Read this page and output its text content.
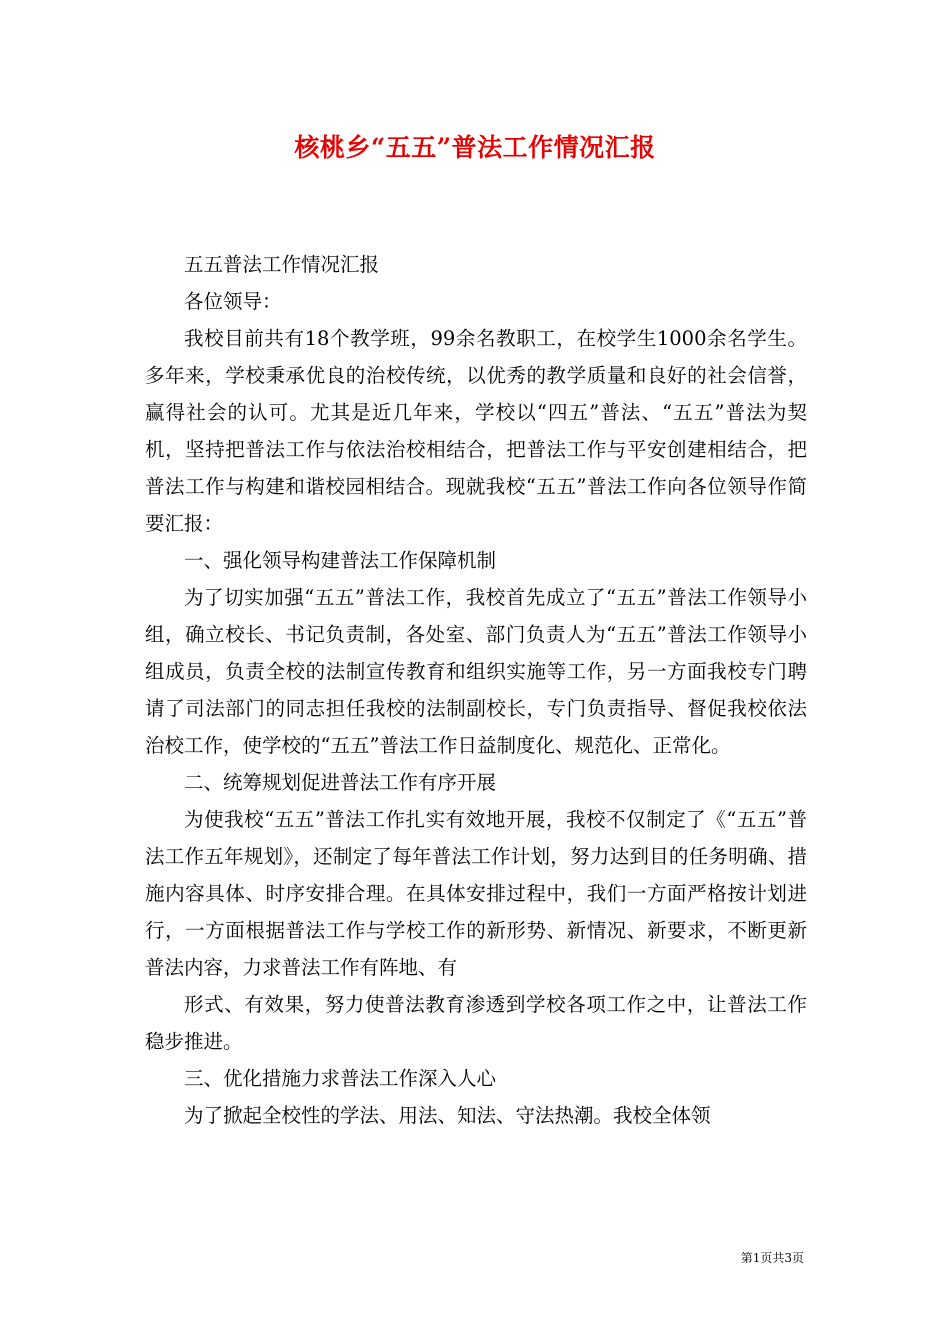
核桃乡“五五”普法工作情况汇报

五五普法工作情况汇报

各位领导：

我校目前共有18个教学班，99余名教职工，在校学生1000余名学生。多年来，学校秉承优良的治校传统，以优秀的教学质量和良好的社会信誉，赢得社会的认可。尤其是近几年来，学校以“四五”普法、“五五”普法为契机，坚持把普法工作与依法治校相结合，把普法工作与平安创建相结合，把普法工作与构建和谐校园相结合。现就我校“五五”普法工作向各位领导作简要汇报：

一、强化领导构建普法工作保障机制

为了切实加强“五五”普法工作，我校首先成立了“五五”普法工作领导小组，确立校长、书记负责制，各处室、部门负责人为“五五”普法工作领导小组成员，负责全校的法制宣传教育和组织实施等工作，另一方面我校专门聘请了司法部门的同志担任我校的法制副校长，专门负责指导、督促我校依法治校工作，使学校的“五五”普法工作日益制度化、规范化、正常化。

二、统筹规划促进普法工作有序开展

为使我校“五五”普法工作扎实有效地开展，我校不仅制定了《“五五”普法工作五年规划》，还制定了每年普法工作计划，努力达到目的任务明确、措施内容具体、时序安排合理。在具体安排过程中，我们一方面严格按计划进行，一方面根据普法工作与学校工作的新形势、新情况、新要求，不断更新普法内容，力求普法工作有阵地、有

形式、有效果，努力使普法教育渗透到学校各项工作之中，让普法工作稳步推进。

三、优化措施力求普法工作深入人心

为了掀起全校性的学法、用法、知法、守法热潮。我校全体领

第1页共3页
